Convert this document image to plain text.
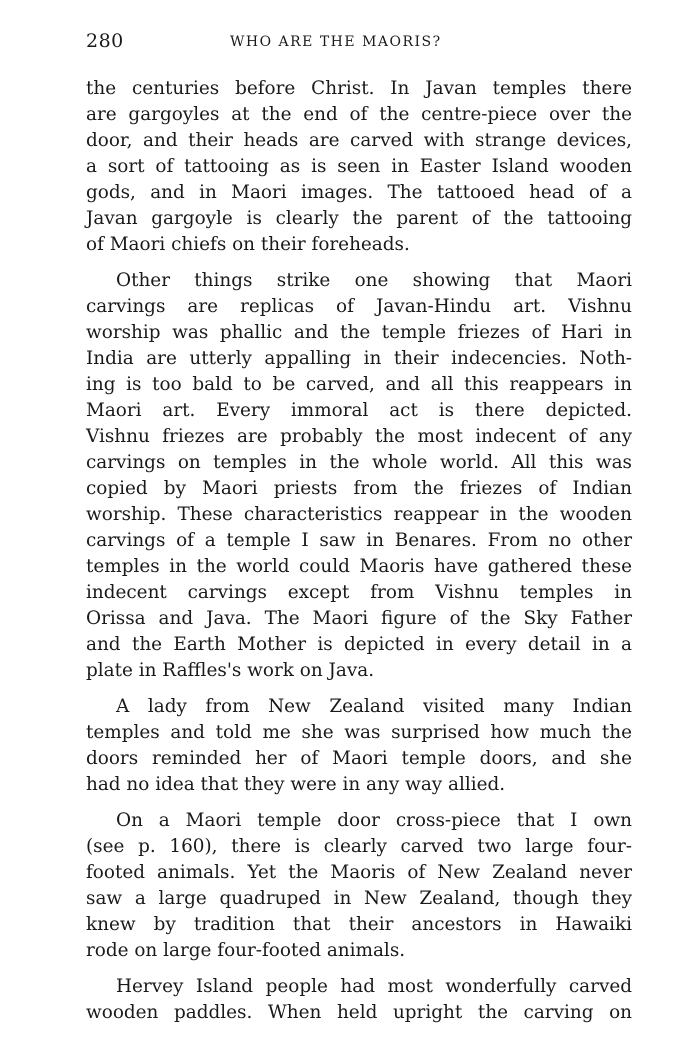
280	WHO ARE THE MAORIS?
the centuries before Christ. In Javan temples there
are gargoyles at the end of the centre-piece over the
door, and their heads are carved with strange devices,
a sort of tattooing as is seen in Easter Island wooden
gods, and in Maori images. The tattooed head of a
Javan gargoyle is clearly the parent of the tattooing
of Maori chiefs on their foreheads.
Other things strike one showing that Maori
carvings are replicas of Javan-Hindu art. Vishnu
worship was phallic and the temple friezes of Hari in
India are utterly appalling in their indecencies. Noth-
ing is too bald to be carved, and all this reappears in
Maori art. Every immoral act is there depicted.
Vishnu friezes are probably the most indecent of any
carvings on temples in the whole world. All this was
copied by Maori priests from the friezes of Indian
worship. These characteristics reappear in the wooden
carvings of a temple I saw in Benares. From no other
temples in the world could Maoris have gathered these
indecent carvings except from Vishnu temples in
Orissa and Java. The Maori figure of the Sky Father
and the Earth Mother is depicted in every detail in a
plate in Raffles's work on Java.
A lady from New Zealand visited many Indian
temples and told me she was surprised how much the
doors reminded her of Maori temple doors, and she
had no idea that they were in any way allied.
On a Maori temple door cross-piece that I own
(see p. 160), there is clearly carved two large four-
footed animals. Yet the Maoris of New Zealand never
saw a large quadruped in New Zealand, though they
knew by tradition that their ancestors in Hawaiki
rode on large four-footed animals.
Hervey Island people had most wonderfully carved
wooden paddles. When held upright the carving on
